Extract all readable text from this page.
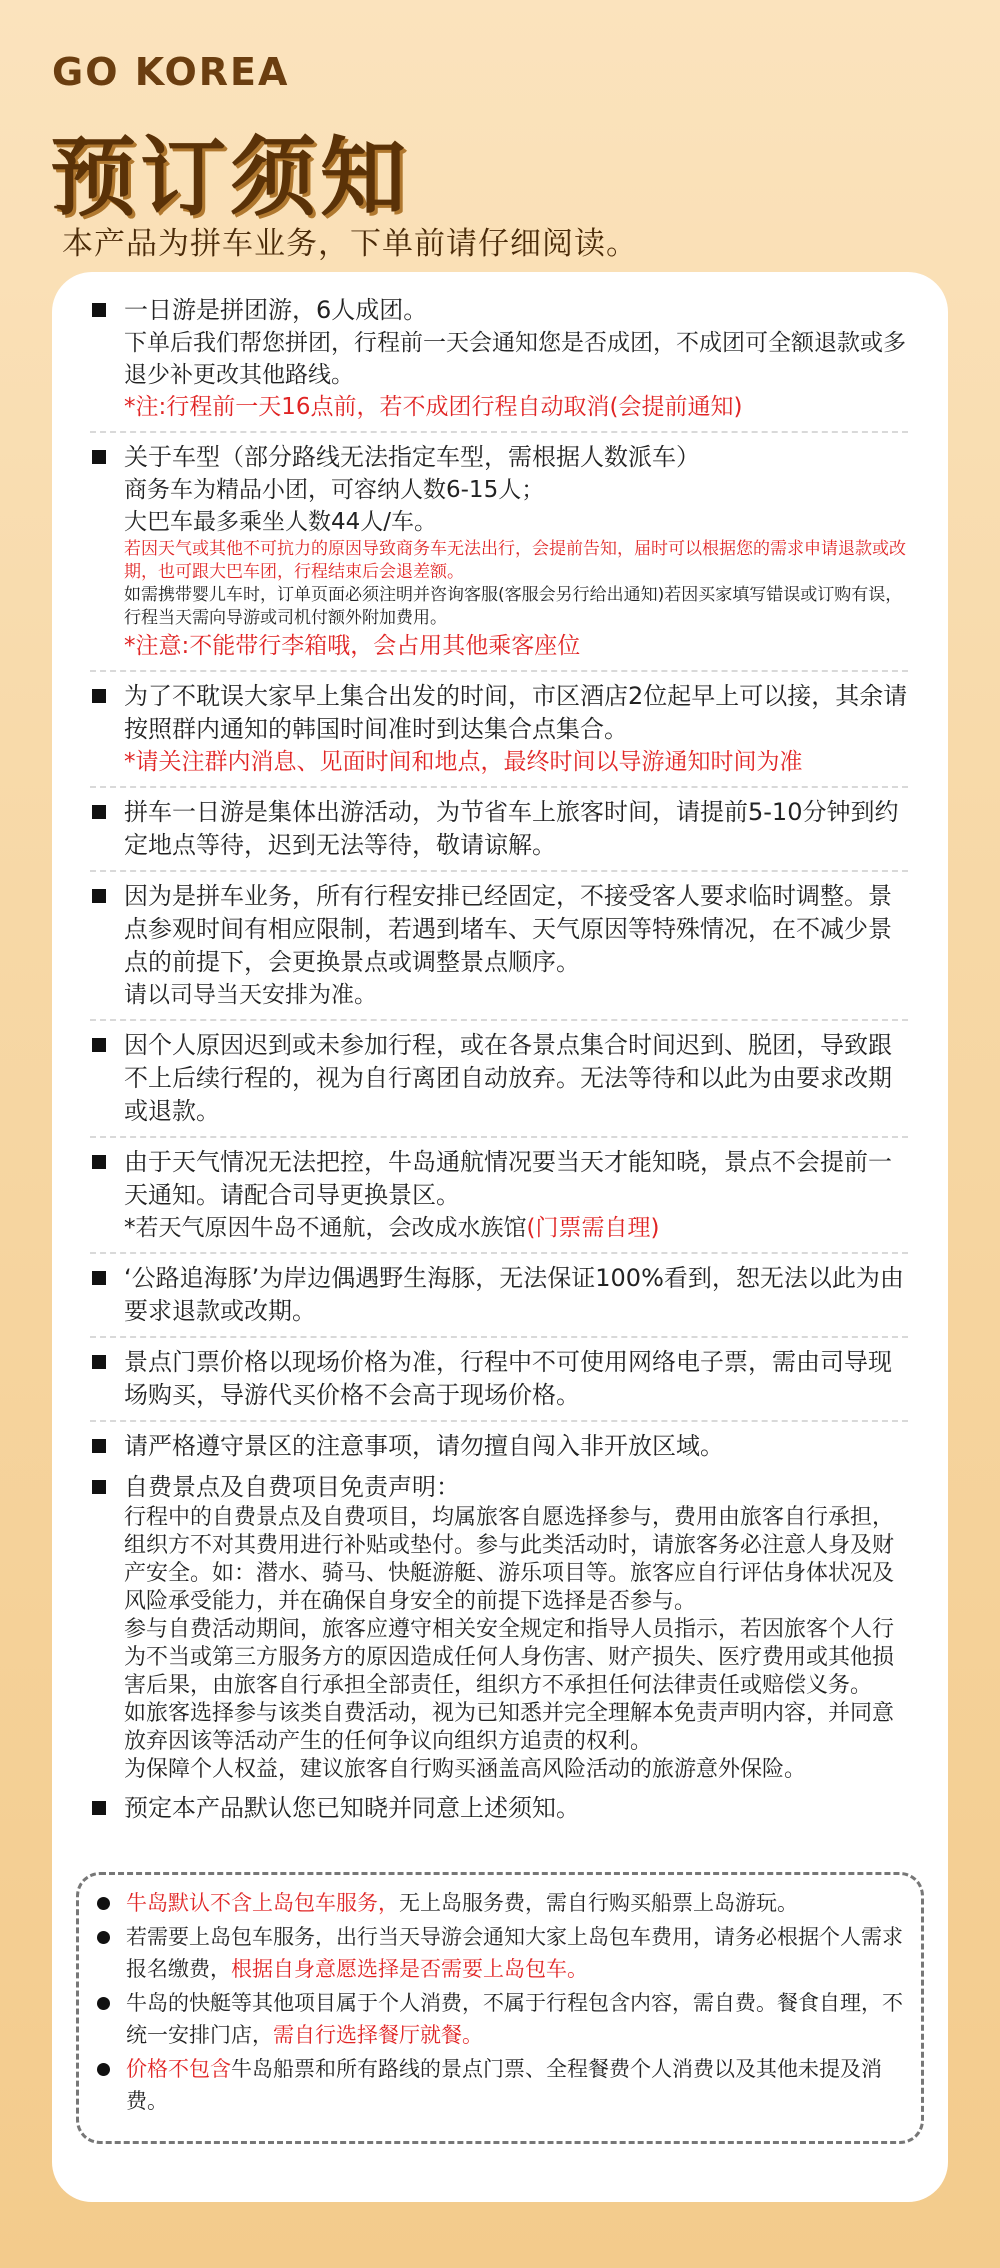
GO KOREA
预订须知
本产品为拼车业务，下单前请仔细阅读。
一日游是拼团游，6人成团。
下单后我们帮您拼团，行程前一天会通知您是否成团，不成团可全额退款或多退少补更改其他路线。
*注:行程前一天16点前，若不成团行程自动取消(会提前通知)
关于车型（部分路线无法指定车型，需根据人数派车）
商务车为精品小团，可容纳人数6-15人；
大巴车最多乘坐人数44人/车。
若因天气或其他不可抗力的原因导致商务车无法出行，会提前告知，届时可以根据您的需求申请退款或改期，也可跟大巴车团，行程结束后会退差额。
如需携带婴儿车时，订单页面必须注明并咨询客服(客服会另行给出通知)若因买家填写错误或订购有误，行程当天需向导游或司机付额外附加费用。
*注意:不能带行李箱哦，会占用其他乘客座位
为了不耽误大家早上集合出发的时间，市区酒店2位起早上可以接，其余请按照群内通知的韩国时间准时到达集合点集合。
*请关注群内消息、见面时间和地点，最终时间以导游通知时间为准
拼车一日游是集体出游活动，为节省车上旅客时间，请提前5-10分钟到约定地点等待，迟到无法等待，敬请谅解。
因为是拼车业务，所有行程安排已经固定，不接受客人要求临时调整。景点参观时间有相应限制，若遇到堵车、天气原因等特殊情况，在不减少景点的前提下，会更换景点或调整景点顺序。
请以司导当天安排为准。
因个人原因迟到或未参加行程，或在各景点集合时间迟到、脱团，导致跟不上后续行程的，视为自行离团自动放弃。无法等待和以此为由要求改期或退款。
由于天气情况无法把控，牛岛通航情况要当天才能知晓，景点不会提前一天通知。请配合司导更换景区。
*若天气原因牛岛不通航，会改成水族馆(门票需自理)
‘公路追海豚’为岸边偶遇野生海豚，无法保证100%看到，恕无法以此为由要求退款或改期。
景点门票价格以现场价格为准，行程中不可使用网络电子票，需由司导现场购买，导游代买价格不会高于现场价格。
请严格遵守景区的注意事项，请勿擅自闯入非开放区域。
自费景点及自费项目免责声明：
行程中的自费景点及自费项目，均属旅客自愿选择参与，费用由旅客自行承担，组织方不对其费用进行补贴或垫付。参与此类活动时，请旅客务必注意人身及财产安全。如：潜水、骑马、快艇游艇、游乐项目等。旅客应自行评估身体状况及风险承受能力，并在确保自身安全的前提下选择是否参与。
参与自费活动期间，旅客应遵守相关安全规定和指导人员指示，若因旅客个人行为不当或第三方服务方的原因造成任何人身伤害、财产损失、医疗费用或其他损害后果，由旅客自行承担全部责任，组织方不承担任何法律责任或赔偿义务。
如旅客选择参与该类自费活动，视为已知悉并完全理解本免责声明内容，并同意放弃因该等活动产生的任何争议向组织方追责的权利。
为保障个人权益，建议旅客自行购买涵盖高风险活动的旅游意外保险。
预定本产品默认您已知晓并同意上述须知。
牛岛默认不含上岛包车服务，无上岛服务费，需自行购买船票上岛游玩。
若需要上岛包车服务，出行当天导游会通知大家上岛包车费用，请务必根据个人需求报名缴费，根据自身意愿选择是否需要上岛包车。
牛岛的快艇等其他项目属于个人消费，不属于行程包含内容，需自费。餐食自理，不统一安排门店，需自行选择餐厅就餐。
价格不包含牛岛船票和所有路线的景点门票、全程餐费个人消费以及其他未提及消费。
